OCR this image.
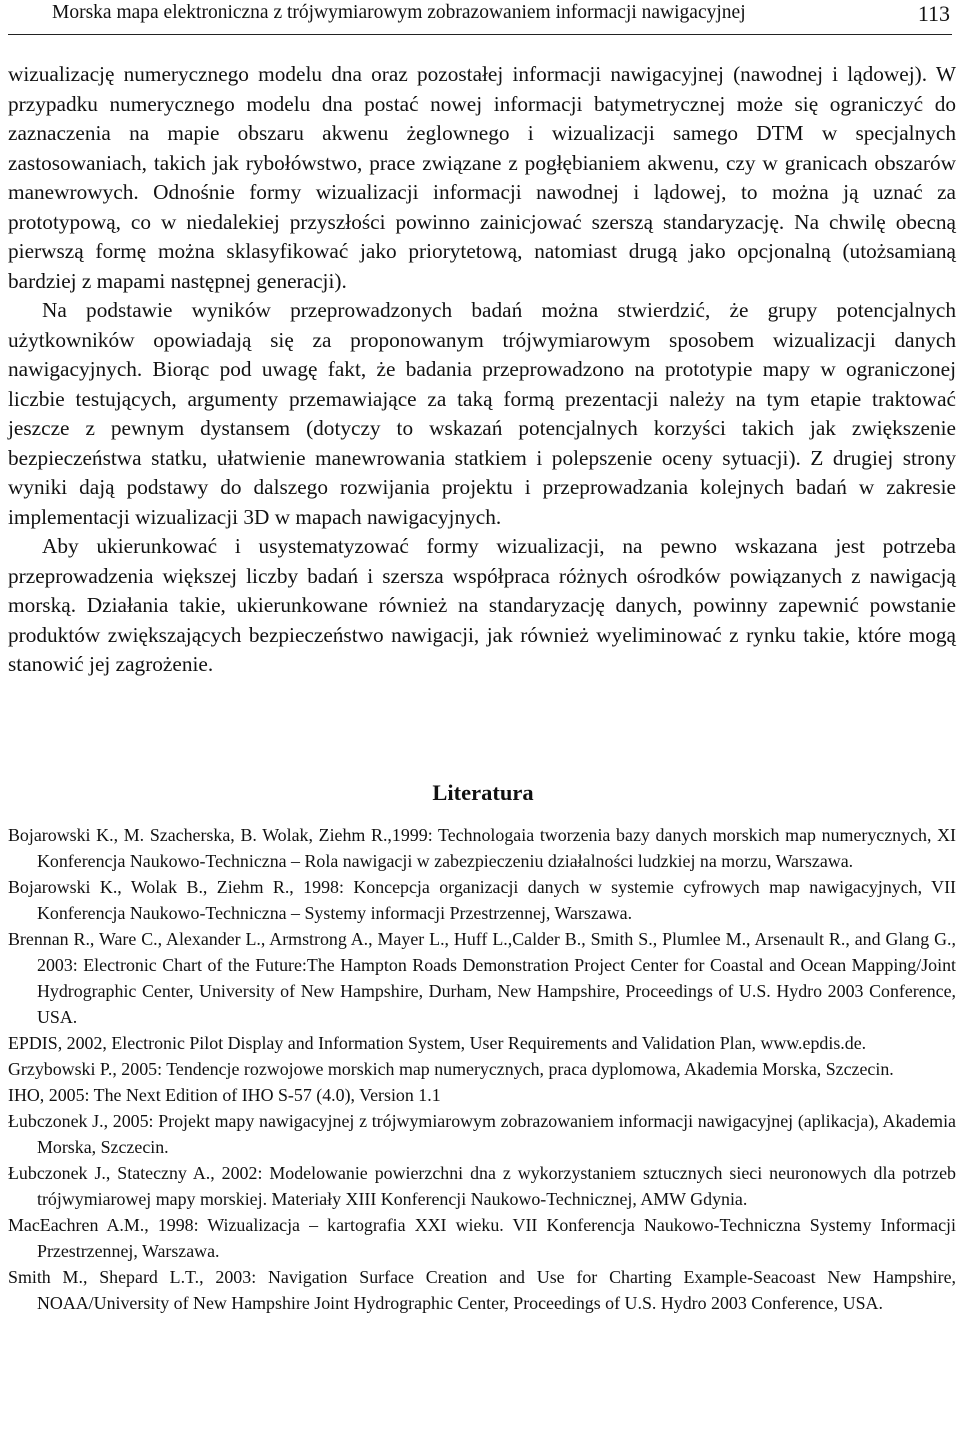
Morska mapa elektroniczna z trójwymiarowym zobrazowaniem informacji nawigacyjnej	113

wizualizację numerycznego modelu dna oraz pozostałej informacji nawigacyjnej (nawodnej i lądowej). W przypadku numerycznego modelu dna postać nowej informacji batymetrycznej może się ograniczyć do zaznaczenia na mapie obszaru akwenu żeglownego i wizualizacji samego DTM w specjalnych zastosowaniach, takich jak rybołówstwo, prace związane z pogłębianiem akwenu, czy w granicach obszarów manewrowych. Odnośnie formy wizualizacji informacji nawodnej i lądowej, to można ją uznać za prototypową, co w niedalekiej przyszłości powinno zainicjować szerszą standaryzację. Na chwilę obecną pierwszą formę można sklasyfikować jako priorytetową, natomiast drugą jako opcjonalną (utożsamianą bardziej z mapami następnej generacji).

Na podstawie wyników przeprowadzonych badań można stwierdzić, że grupy potencjalnych użytkowników opowiadają się za proponowanym trójwymiarowym sposobem wizualizacji danych nawigacyjnych. Biorąc pod uwagę fakt, że badania przeprowadzono na prototypie mapy w ograniczonej liczbie testujących, argumenty przemawiające za taką formą prezentacji należy na tym etapie traktować jeszcze z pewnym dystansem (dotyczy to wskazań potencjalnych korzyści takich jak zwiększenie bezpieczeństwa statku, ułatwienie manewrowania statkiem i polepszenie oceny sytuacji). Z drugiej strony wyniki dają podstawy do dalszego rozwijania projektu i przeprowadzania kolejnych badań w zakresie implementacji wizualizacji 3D w mapach nawigacyjnych.

Aby ukierunkować i usystematyzować formy wizualizacji, na pewno wskazana jest potrzeba przeprowadzenia większej liczby badań i szersza współpraca różnych ośrodków powiązanych z nawigacją morską. Działania takie, ukierunkowane również na standaryzację danych, powinny zapewnić powstanie produktów zwiększających bezpieczeństwo nawigacji, jak również wyeliminować z rynku takie, które mogą stanowić jej zagrożenie.

Literatura

Bojarowski K., M. Szacherska, B. Wolak, Ziehm R.,1999: Technologaia tworzenia bazy danych morskich map numerycznych, XI Konferencja Naukowo-Techniczna – Rola nawigacji w zabezpieczeniu działalności ludzkiej na morzu, Warszawa.

Bojarowski K., Wolak B., Ziehm R., 1998: Koncepcja organizacji danych w systemie cyfrowych map nawigacyjnych, VII Konferencja Naukowo-Techniczna – Systemy informacji Przestrzennej, Warszawa.

Brennan R., Ware C., Alexander L., Armstrong A., Mayer L., Huff L.,Calder B., Smith S., Plumlee M., Arsenault R., and Glang G., 2003: Electronic Chart of the Future:The Hampton Roads Demonstration Project Center for Coastal and Ocean Mapping/Joint Hydrographic Center, University of New Hampshire, Durham, New Hampshire, Proceedings of U.S. Hydro 2003 Conference, USA.

EPDIS, 2002, Electronic Pilot Display and Information System, User Requirements and Validation Plan, www.epdis.de.

Grzybowski P., 2005: Tendencje rozwojowe morskich map numerycznych, praca dyplomowa, Akademia Morska, Szczecin.

IHO, 2005: The Next Edition of IHO S-57 (4.0), Version 1.1

Łubczonek J., 2005: Projekt mapy nawigacyjnej z trójwymiarowym zobrazowaniem informacji nawigacyjnej (aplikacja), Akademia Morska, Szczecin.

Łubczonek J., Stateczny A., 2002: Modelowanie powierzchni dna z wykorzystaniem sztucznych sieci neuronowych dla potrzeb trójwymiarowej mapy morskiej. Materiały XIII Konferencji Naukowo-Technicznej, AMW Gdynia.

MacEachren A.M., 1998: Wizualizacja – kartografia XXI wieku. VII Konferencja Naukowo-Techniczna Systemy Informacji Przestrzennej, Warszawa.

Smith M., Shepard L.T., 2003: Navigation Surface Creation and Use for Charting Example-Seacoast New Hampshire, NOAA/University of New Hampshire Joint Hydrographic Center, Proceedings of U.S. Hydro 2003 Conference, USA.
